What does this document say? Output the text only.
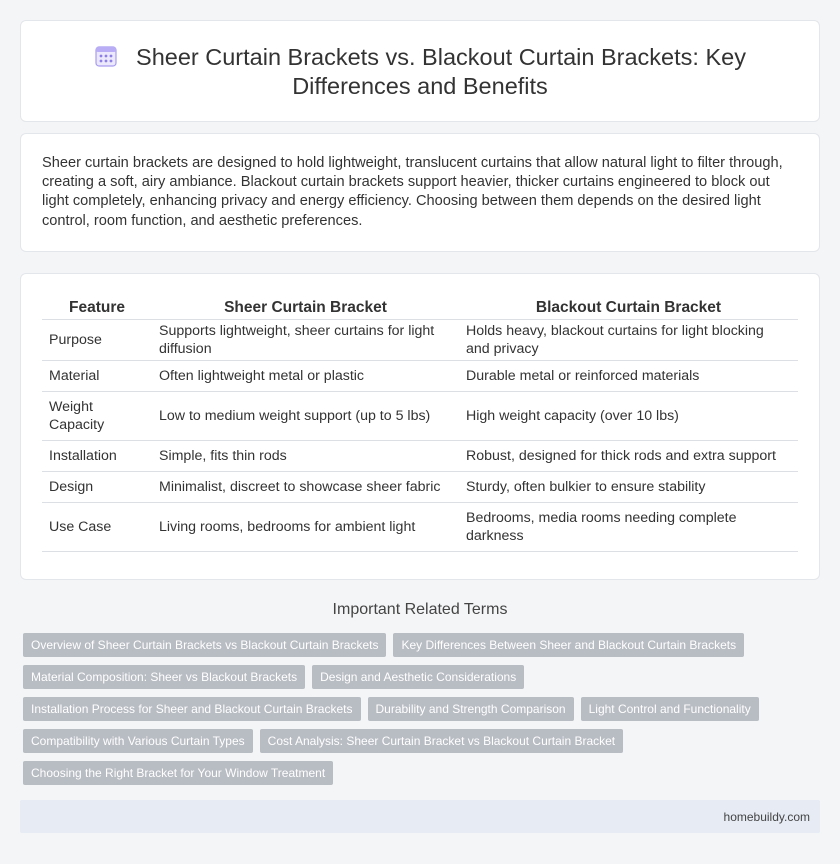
Sheer Curtain Brackets vs. Blackout Curtain Brackets: Key Differences and Benefits

Sheer curtain brackets are designed to hold lightweight, translucent curtains that allow natural light to filter through, creating a soft, airy ambiance. Blackout curtain brackets support heavier, thicker curtains engineered to block out light completely, enhancing privacy and energy efficiency. Choosing between them depends on the desired light control, room function, and aesthetic preferences.

Feature	Sheer Curtain Bracket	Blackout Curtain Bracket
Purpose	Supports lightweight, sheer curtains for light diffusion	Holds heavy, blackout curtains for light blocking and privacy
Material	Often lightweight metal or plastic	Durable metal or reinforced materials
Weight Capacity	Low to medium weight support (up to 5 lbs)	High weight capacity (over 10 lbs)
Installation	Simple, fits thin rods	Robust, designed for thick rods and extra support
Design	Minimalist, discreet to showcase sheer fabric	Sturdy, often bulkier to ensure stability
Use Case	Living rooms, bedrooms for ambient light	Bedrooms, media rooms needing complete darkness
Important Related Terms
Overview of Sheer Curtain Brackets vs Blackout Curtain Brackets	Key Differences Between Sheer and Blackout Curtain Brackets
Material Composition: Sheer vs Blackout Brackets	Design and Aesthetic Considerations
Installation Process for Sheer and Blackout Curtain Brackets	Durability and Strength Comparison	Light Control and Functionality
Compatibility with Various Curtain Types	Cost Analysis: Sheer Curtain Bracket vs Blackout Curtain Bracket
Choosing the Right Bracket for Your Window Treatment
homebuildy.com
